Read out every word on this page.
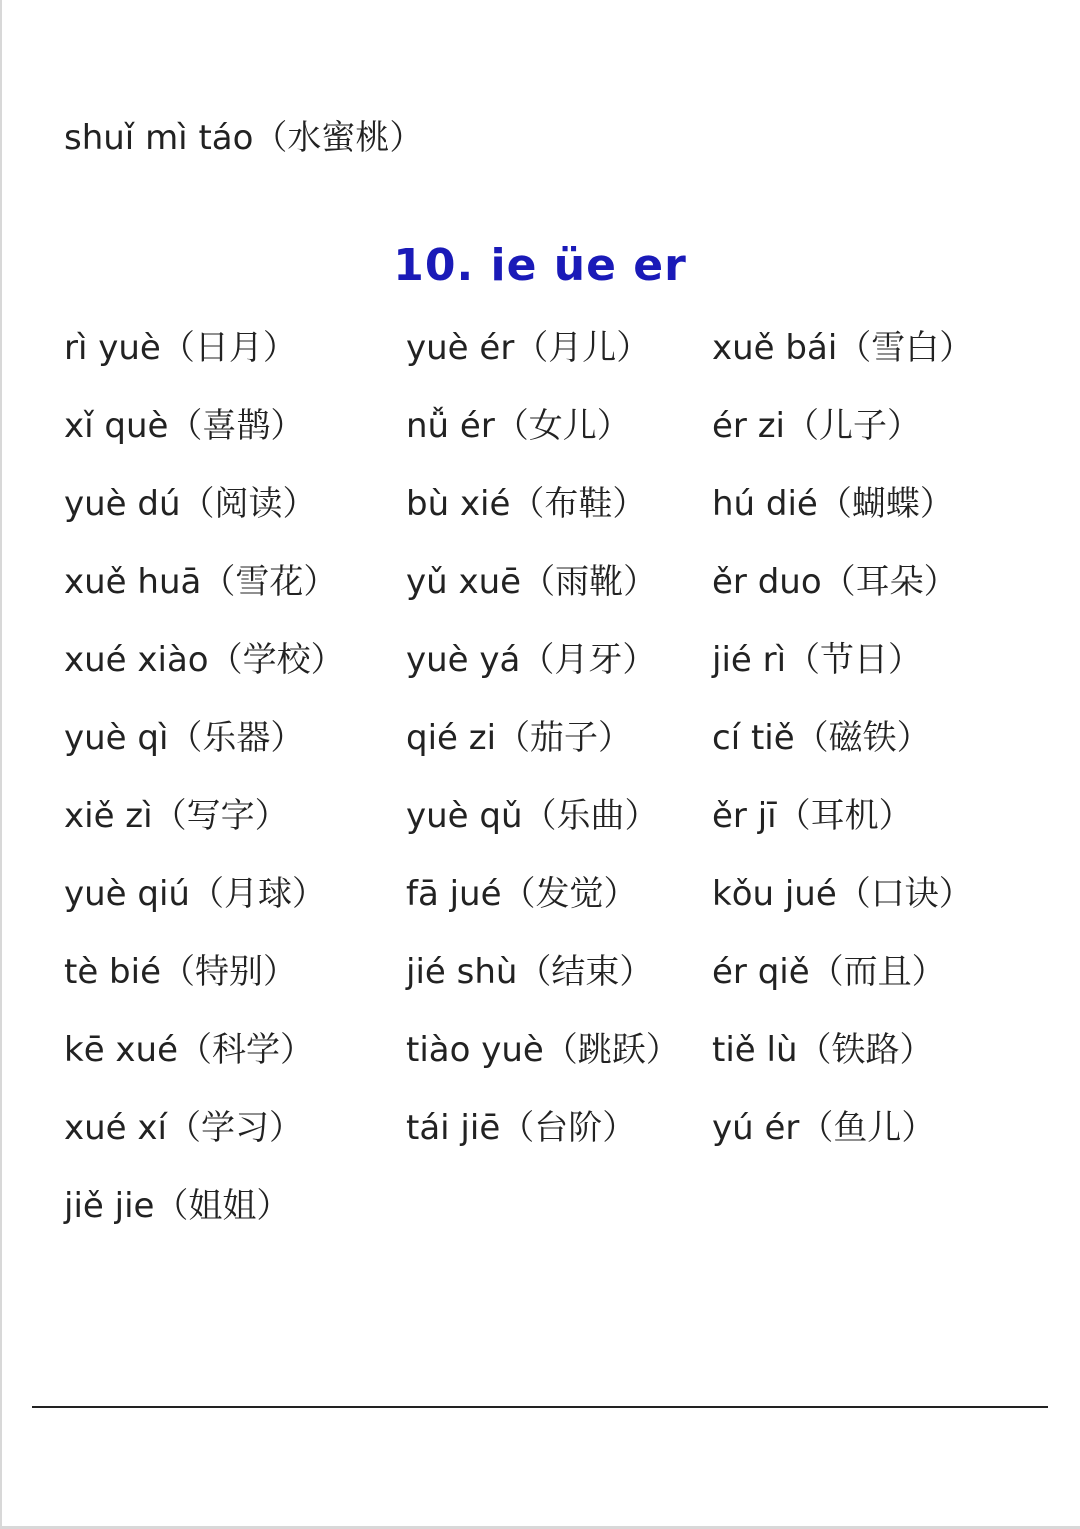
shuǐ mì táo（水蜜桃）
10. ie üe er
rì yuè（日月）	yuè ér（月儿） xuě bái（雪白）
xǐ què（喜鹊）	nǚ ér（女儿） ér zi（儿子）
yuè dú（阅读）	bù xié（布鞋） hú dié（蝴蝶）
xuě huā（雪花） yǔ xuē（雨靴） ěr duo（耳朵）
xué xiào（学校） yuè yá（月牙） jié rì（节日）
yuè qì（乐器）	qié zi（茄子） cí tiě（磁铁）
xiě zì（写字）	yuè qǔ（乐曲） ěr jī（耳机）
yuè qiú（月球） fā jué（发觉） kǒu jué（口诀）
tè bié（特别）	jié shù（结束） ér qiě（而且）
kē xué（科学）	tiào yuè（跳跃） tiě lù（铁路）
xué xí（学习）	tái jiē（台阶） yú ér（鱼儿）
jiě jie（姐姐）
